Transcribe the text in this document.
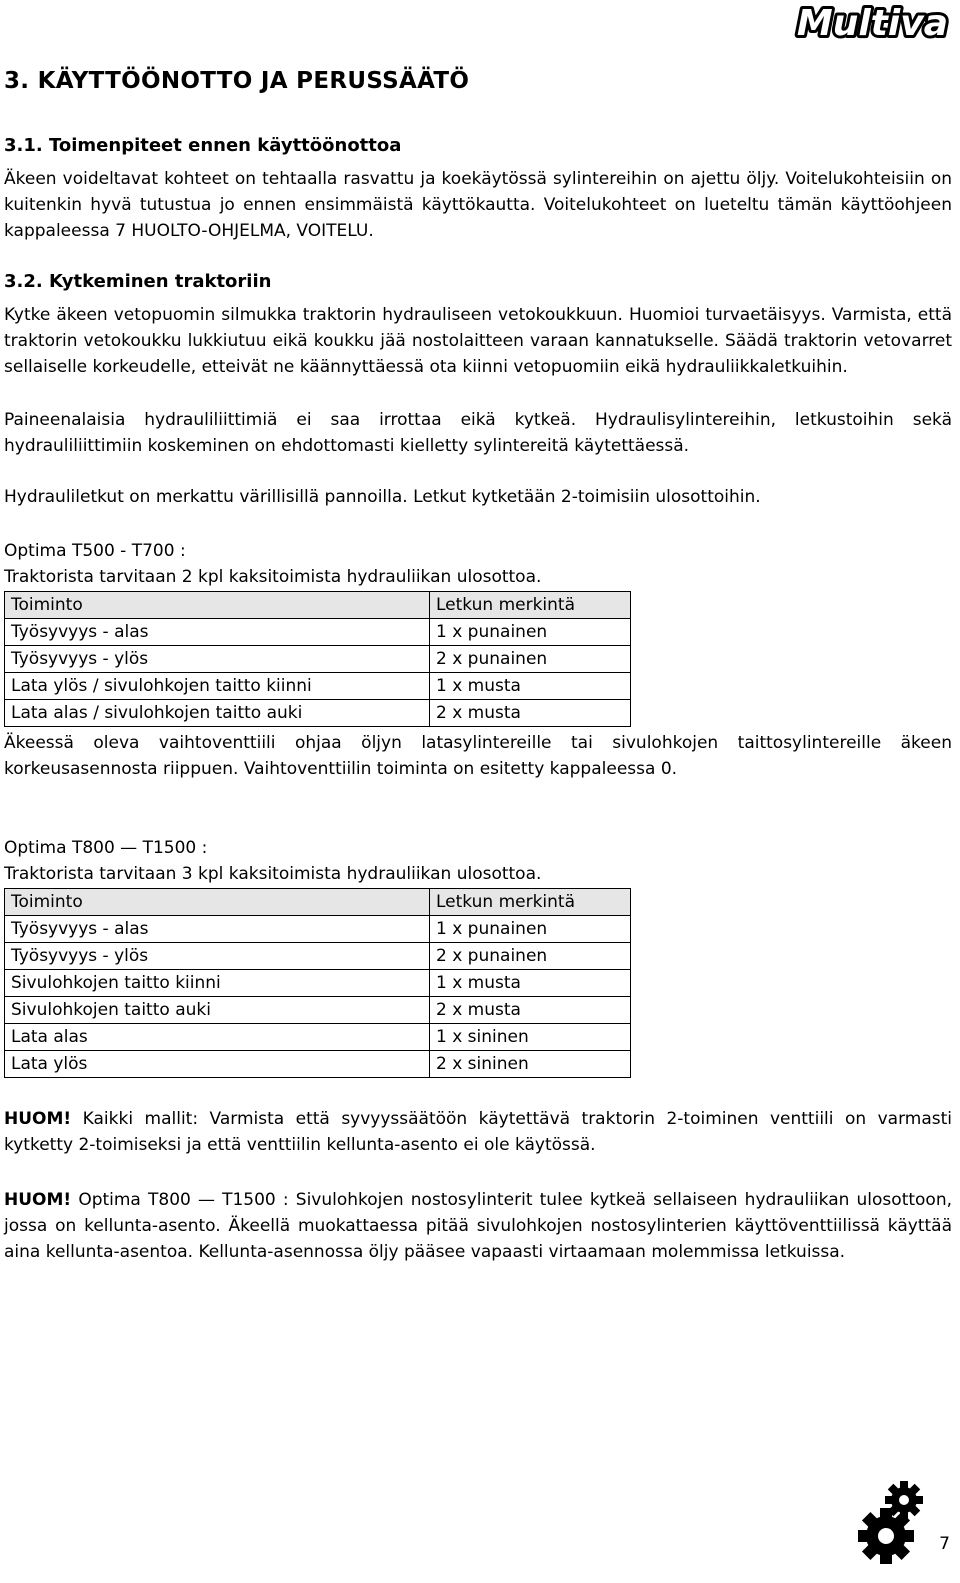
Multiva
3. KÄYTTÖÖNOTTO JA PERUSSÄÄTÖ
3.1. Toimenpiteet ennen käyttöönottoa

Äkeen voideltavat kohteet on tehtaalla rasvattu ja koekäytössä sylintereihin on ajettu öljy. Voitelukohteisiin on kuitenkin hyvä tutustua jo ennen ensimmäistä käyttökautta. Voitelukohteet on lueteltu tämän käyttöohjeen kappaleessa 7 HUOLTO-OHJELMA, VOITELU.

3.2. Kytkeminen traktoriin

Kytke äkeen vetopuomin silmukka traktorin hydrauliseen vetokoukkuun. Huomioi turvaetäisyys. Varmista, että traktorin vetokoukku lukkiutuu eikä koukku jää nostolaitteen varaan kannatukselle. Säädä traktorin vetovarret sellaiselle korkeudelle, etteivät ne käännyttäessä ota kiinni vetopuomiin eikä hydrauliikkaletkuihin.

Paineenalaisia hydrauliliittimiä ei saa irrottaa eikä kytkeä. Hydraulisylintereihin, letkustoihin sekä hydrauliliittimiin koskeminen on ehdottomasti kielletty sylintereitä käytettäessä.

Hydrauliletkut on merkattu värillisillä pannoilla. Letkut kytketään 2-toimisiin ulosottoihin.

Optima T500 - T700 :

Traktorista tarvitaan 2 kpl kaksitoimista hydrauliikan ulosottoa.

Toiminto	Letkun merkintä
Työsyvyys - alas	1 x punainen
Työsyvyys - ylös	2 x punainen
Lata ylös / sivulohkojen taitto kiinni	1 x musta
Lata alas / sivulohkojen taitto auki	2 x musta

Äkeessä oleva vaihtoventtiili ohjaa öljyn latasylintereille tai sivulohkojen taittosylintereille äkeen korkeusasennosta riippuen. Vaihtoventtiilin toiminta on esitetty kappaleessa 0.

Optima T800 — T1500 :

Traktorista tarvitaan 3 kpl kaksitoimista hydrauliikan ulosottoa.

Toiminto	Letkun merkintä
Työsyvyys - alas	1 x punainen
Työsyvyys - ylös	2 x punainen
Sivulohkojen taitto kiinni	1 x musta
Sivulohkojen taitto auki	2 x musta
Lata alas	1 x sininen
Lata ylös	2 x sininen

HUOM! Kaikki mallit: Varmista että syvyyssäätöön käytettävä traktorin 2-toiminen venttiili on varmasti kytketty 2-toimiseksi ja että venttiilin kellunta-asento ei ole käytössä.

HUOM! Optima T800 — T1500 : Sivulohkojen nostosylinterit tulee kytkeä sellaiseen hydrauliikan ulosottoon, jossa on kellunta-asento. Äkeellä muokattaessa pitää sivulohkojen nostosylinterien käyttöventtiilissä käyttää aina kellunta-asentoa. Kellunta-asennossa öljy pääsee vapaasti virtaamaan molemmissa letkuissa.

7
